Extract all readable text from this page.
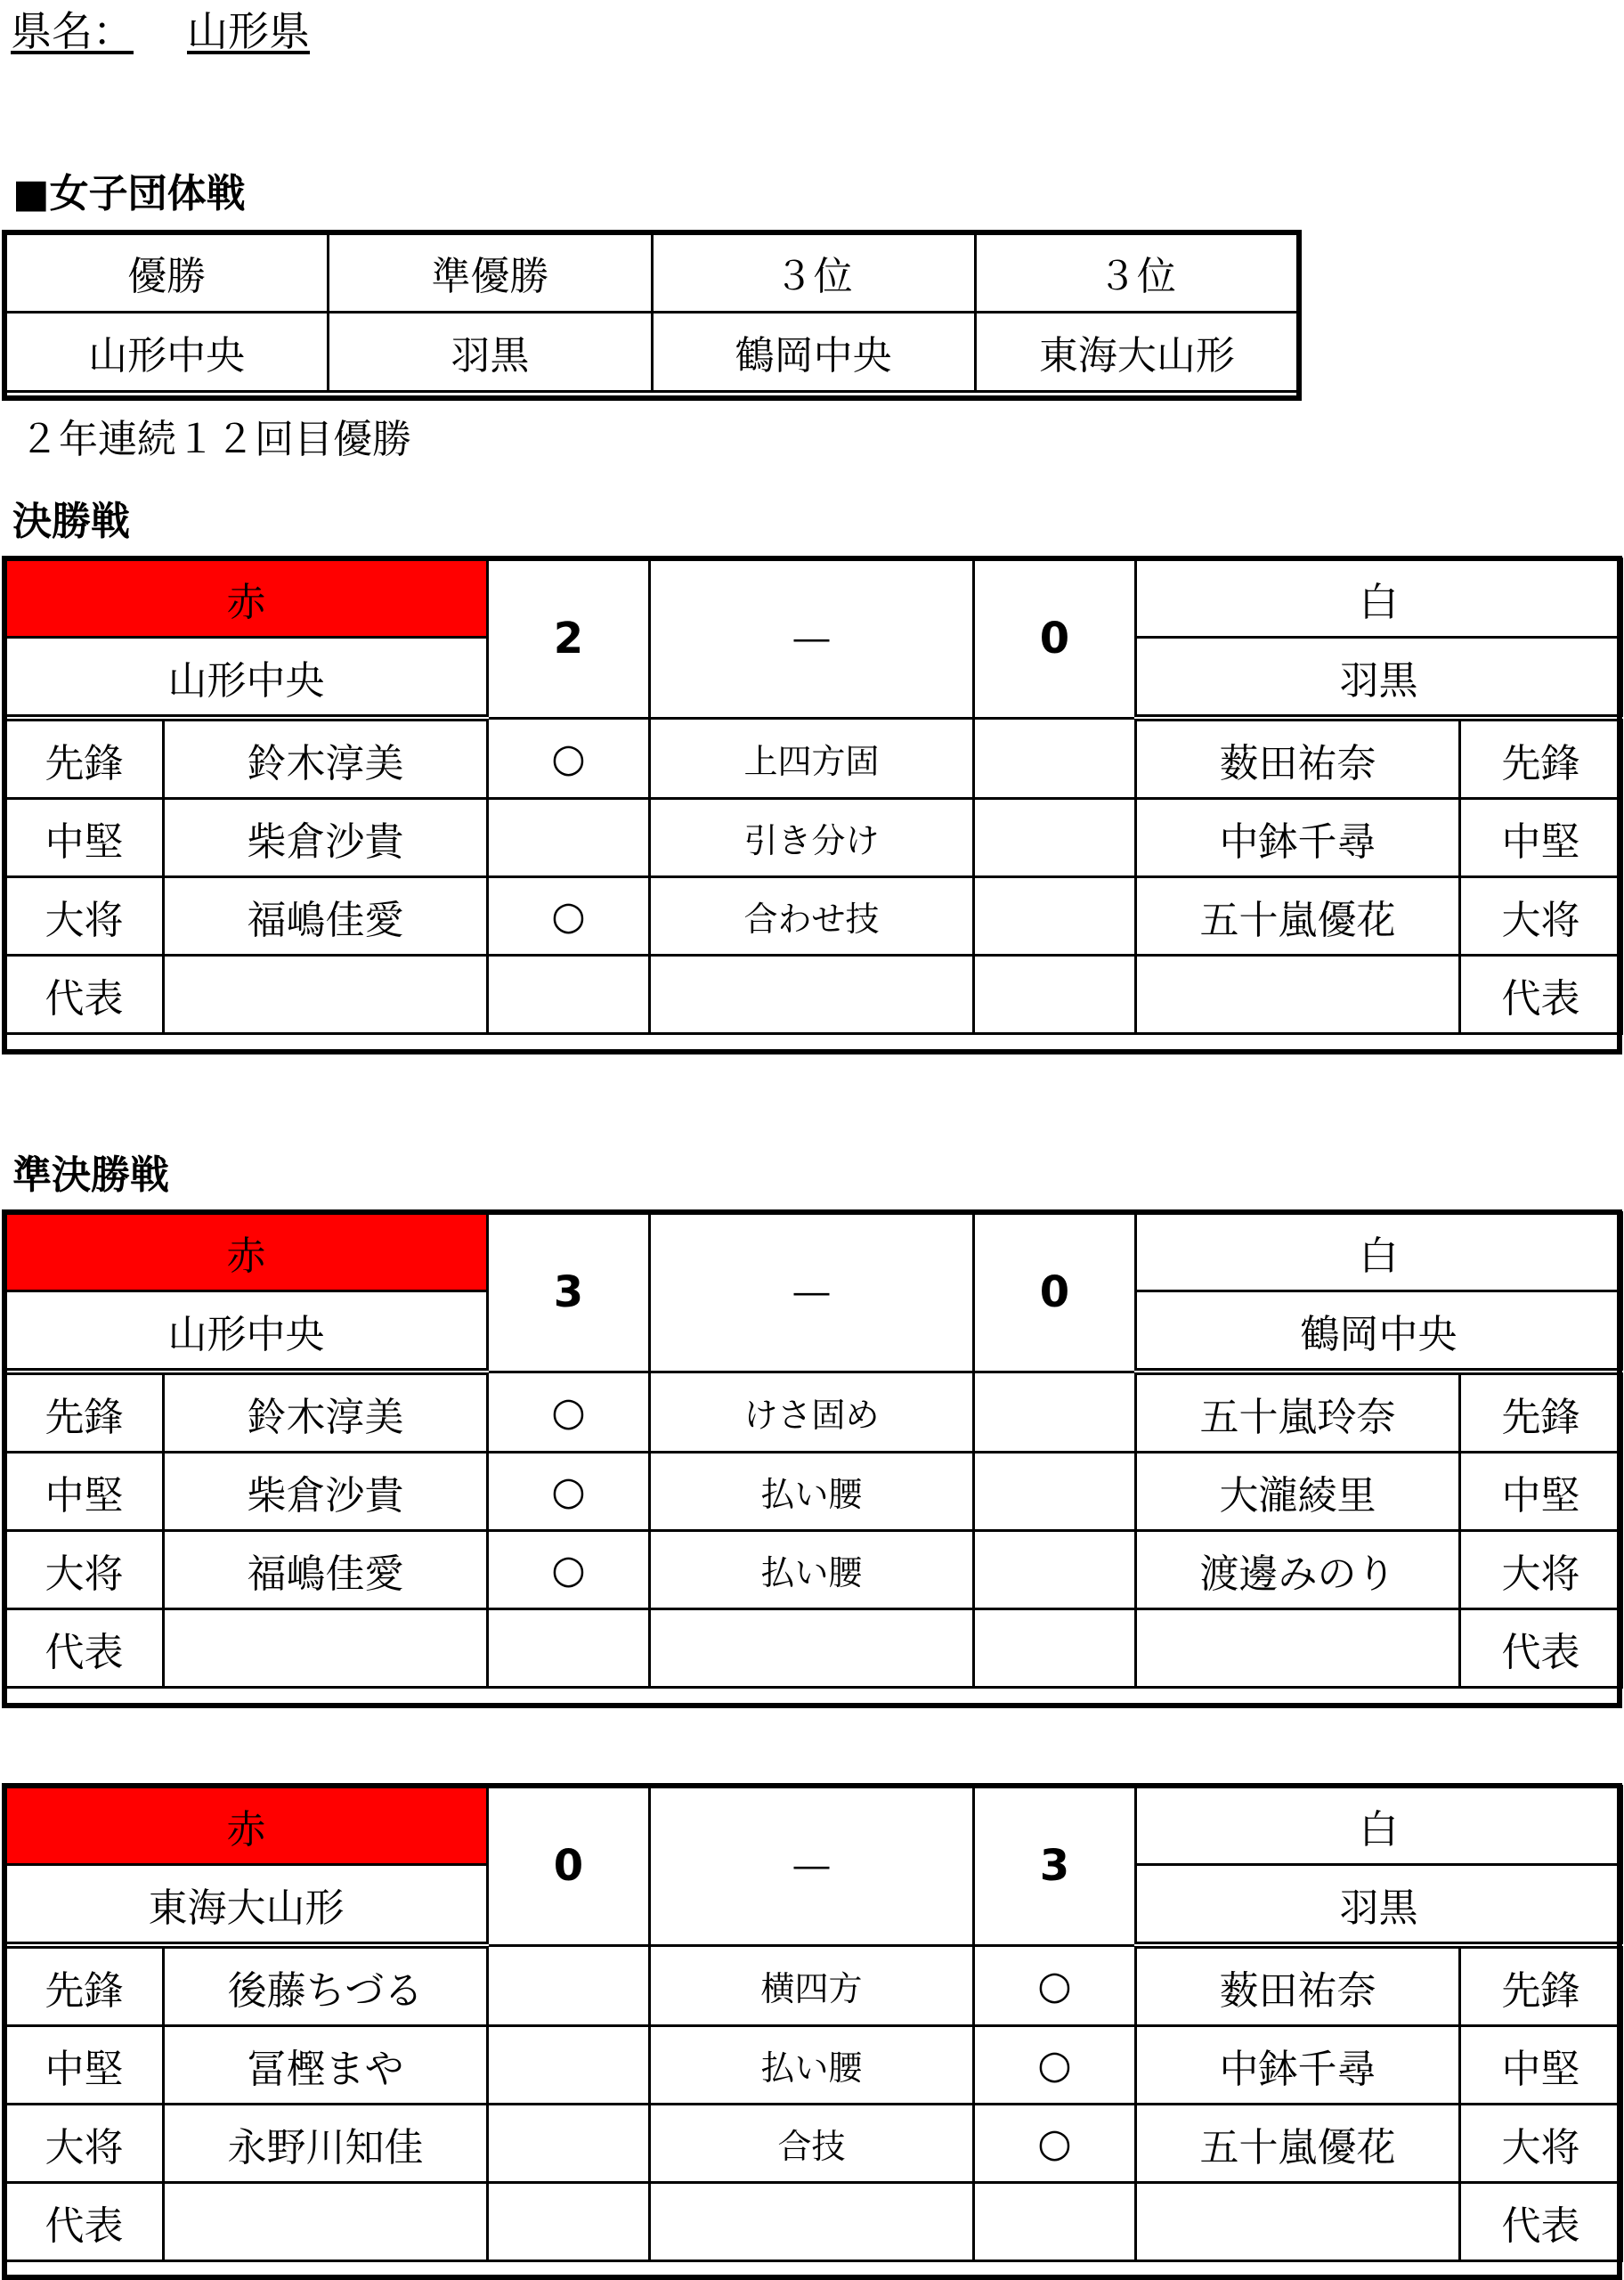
県名： 山形県
■女子団体戦
優勝	準優勝	３位	３位
山形中央	羽黒	鶴岡中央	東海大山形
２年連続１２回目優勝
決勝戦
準決勝戦
赤		2	―	0	白	
山形中央					羽黒	
先鋒	鈴木淳美	○	上四方固		薮田祐奈	先鋒
中堅	柴倉沙貴		引き分け		中鉢千尋	中堅
大将	福嶋佳愛	○	合わせ技		五十嵐優花	大将
代表						代表
赤		3	―	0	白	
山形中央					鶴岡中央	
先鋒	鈴木淳美	○	けさ固め		五十嵐玲奈	先鋒
中堅	柴倉沙貴	○	払い腰		大瀧綾里	中堅
大将	福嶋佳愛	○	払い腰		渡邊みのり	大将
代表						代表
赤		0	―	3	白	
東海大山形					羽黒	
先鋒	後藤ちづる		横四方	○	薮田祐奈	先鋒
中堅	冨樫まや		払い腰	○	中鉢千尋	中堅
大将	永野川知佳		合技	○	五十嵐優花	大将
代表						代表
